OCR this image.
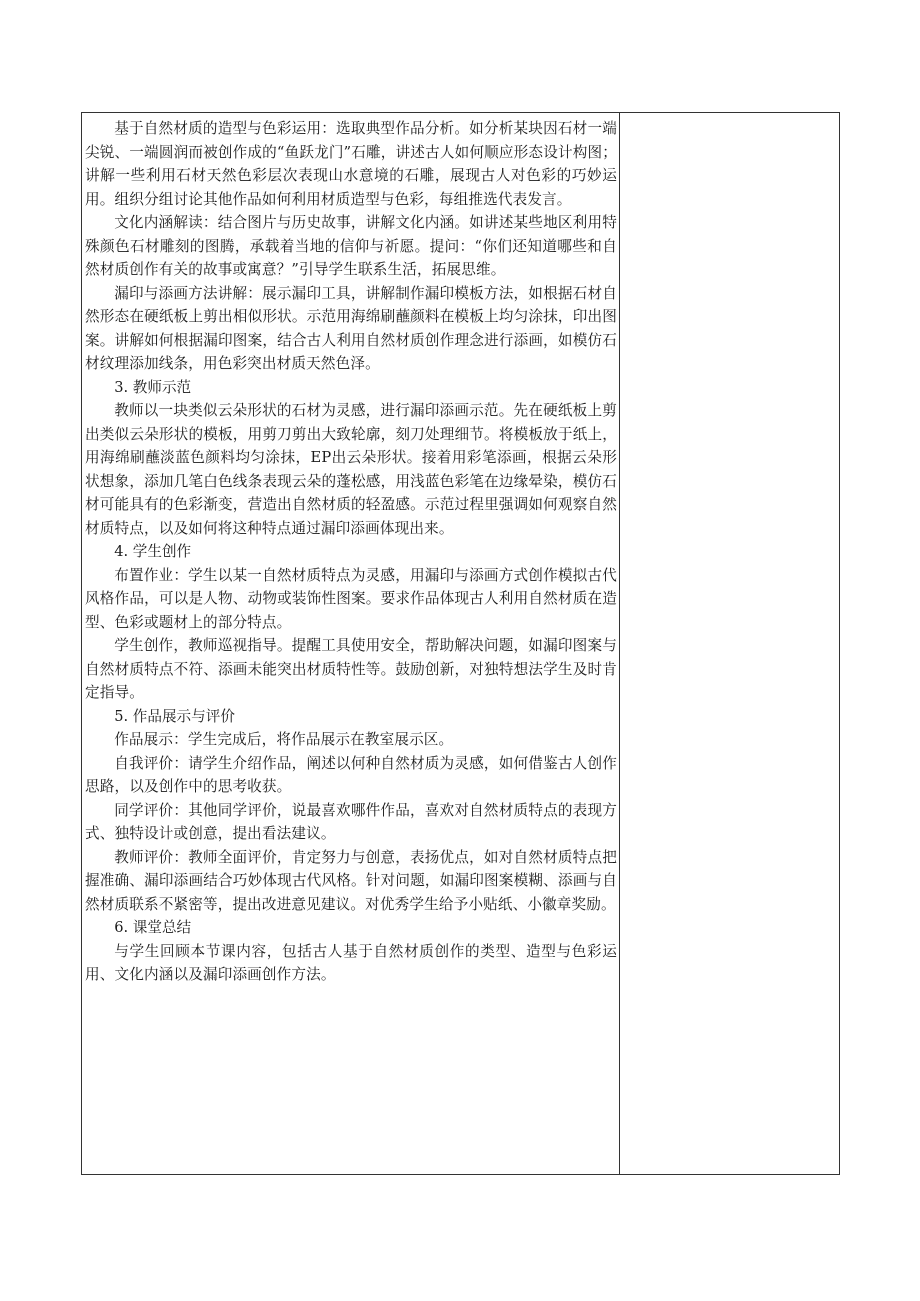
基于自然材质的造型与色彩运用：选取典型作品分析。如分析某块因石材一端尖锐、一端圆润而被创作成的“鱼跃龙门”石雕，讲述古人如何顺应形态设计构图；讲解一些利用石材天然色彩层次表现山水意境的石雕，展现古人对色彩的巧妙运用。组织分组讨论其他作品如何利用材质造型与色彩，每组推选代表发言。

文化内涵解读：结合图片与历史故事，讲解文化内涵。如讲述某些地区利用特殊颜色石材雕刻的图腾，承载着当地的信仰与祈愿。提问：“你们还知道哪些和自然材质创作有关的故事或寓意？”引导学生联系生活，拓展思维。

漏印与添画方法讲解：展示漏印工具，讲解制作漏印模板方法，如根据石材自然形态在硬纸板上剪出相似形状。示范用海绵刷蘸颜料在模板上均匀涂抹，印出图案。讲解如何根据漏印图案，结合古人利用自然材质创作理念进行添画，如模仿石材纹理添加线条，用色彩突出材质天然色泽。

3. 教师示范

教师以一块类似云朵形状的石材为灵感，进行漏印添画示范。先在硬纸板上剪出类似云朵形状的模板，用剪刀剪出大致轮廓，刻刀处理细节。将模板放于纸上，用海绵刷蘸淡蓝色颜料均匀涂抹，EP出云朵形状。接着用彩笔添画，根据云朵形状想象，添加几笔白色线条表现云朵的蓬松感，用浅蓝色彩笔在边缘晕染，模仿石材可能具有的色彩渐变，营造出自然材质的轻盈感。示范过程里强调如何观察自然材质特点，以及如何将这种特点通过漏印添画体现出来。

4. 学生创作

布置作业：学生以某一自然材质特点为灵感，用漏印与添画方式创作模拟古代风格作品，可以是人物、动物或装饰性图案。要求作品体现古人利用自然材质在造型、色彩或题材上的部分特点。

学生创作，教师巡视指导。提醒工具使用安全，帮助解决问题，如漏印图案与自然材质特点不符、添画未能突出材质特性等。鼓励创新，对独特想法学生及时肯定指导。

5. 作品展示与评价

作品展示：学生完成后，将作品展示在教室展示区。

自我评价：请学生介绍作品，阐述以何种自然材质为灵感，如何借鉴古人创作思路，以及创作中的思考收获。

同学评价：其他同学评价，说最喜欢哪件作品，喜欢对自然材质特点的表现方式、独特设计或创意，提出看法建议。

教师评价：教师全面评价，肯定努力与创意，表扬优点，如对自然材质特点把握准确、漏印添画结合巧妙体现古代风格。针对问题，如漏印图案模糊、添画与自然材质联系不紧密等，提出改进意见建议。对优秀学生给予小贴纸、小徽章奖励。

6. 课堂总结

与学生回顾本节课内容，包括古人基于自然材质创作的类型、造型与色彩运用、文化内涵以及漏印添画创作方法。
